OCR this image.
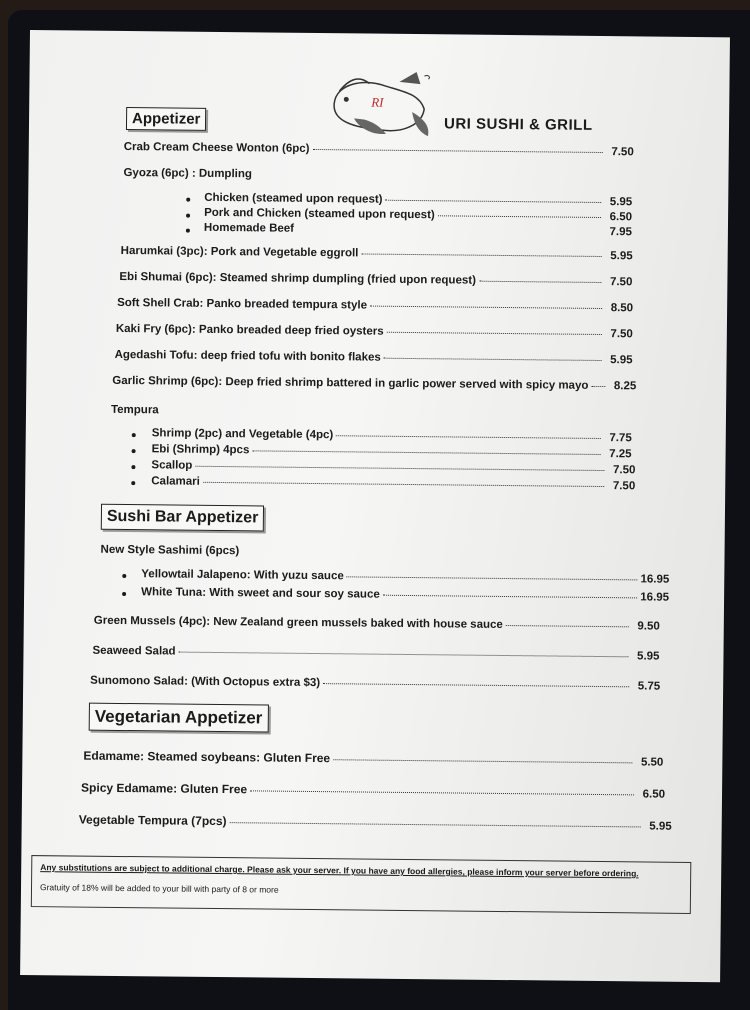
RI
URI SUSHI & GRILL
Appetizer
Crab Cream Cheese Wonton (6pc)	7.50
Gyoza (6pc) : Dumpling
Chicken (steamed upon request)	5.95
Pork and Chicken (steamed upon request)	6.50
Homemade Beef	7.95
Harumkai (3pc): Pork and Vegetable eggroll	5.95
Ebi Shumai (6pc): Steamed shrimp dumpling (fried upon request)	7.50
Soft Shell Crab: Panko breaded tempura style	8.50
Kaki Fry (6pc): Panko breaded deep fried oysters	7.50
Agedashi Tofu: deep fried tofu with bonito flakes	5.95
Garlic Shrimp (6pc): Deep fried shrimp battered in garlic power served with spicy mayo	8.25
Tempura
Shrimp (2pc) and Vegetable (4pc)	7.75
Ebi (Shrimp) 4pcs	7.25
Scallop	7.50
Calamari	7.50
Sushi Bar Appetizer
New Style Sashimi (6pcs)
Yellowtail Jalapeno: With yuzu sauce	16.95
White Tuna: With sweet and sour soy sauce	16.95
Green Mussels (4pc): New Zealand green mussels baked with house sauce	9.50
Seaweed Salad	5.95
Sunomono Salad: (With Octopus extra $3)	5.75
Vegetarian Appetizer
Edamame: Steamed soybeans: Gluten Free	5.50
Spicy Edamame: Gluten Free	6.50
Vegetable Tempura (7pcs)	5.95
Any substitutions are subject to additional charge. Please ask your server. If you have any food allergies, please inform your server before ordering.
Gratuity of 18% will be added to your bill with party of 8 or more
